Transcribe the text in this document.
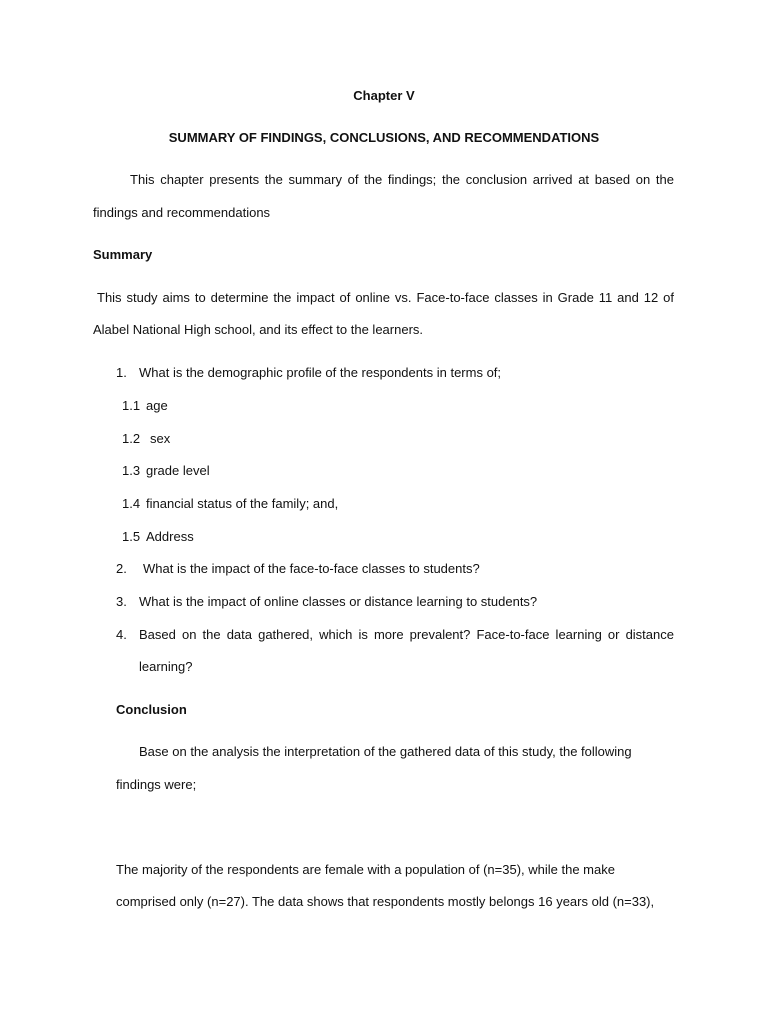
Chapter V
SUMMARY OF FINDINGS, CONCLUSIONS, AND RECOMMENDATIONS
This chapter presents the summary of the findings; the conclusion arrived at based on the
findings and recommendations
Summary
This study aims to determine the impact of online vs. Face-to-face classes in Grade 11 and 12 of
Alabel National High school, and its effect to the learners.
1. What is the demographic profile of the respondents in terms of;
1.1 age
1.2 sex
1.3 grade level
1.4 financial status of the family; and,
1.5 Address
2. What is the impact of the face-to-face classes to students?
3. What is the impact of online classes or distance learning to students?
4. Based on the data gathered, which is more prevalent? Face-to-face learning or distance
learning?
Conclusion
Base on the analysis the interpretation of the gathered data of this study, the following
findings were;
The majority of the respondents are female with a population of (n=35), while the make
comprised only (n=27). The data shows that respondents mostly belongs 16 years old (n=33),
